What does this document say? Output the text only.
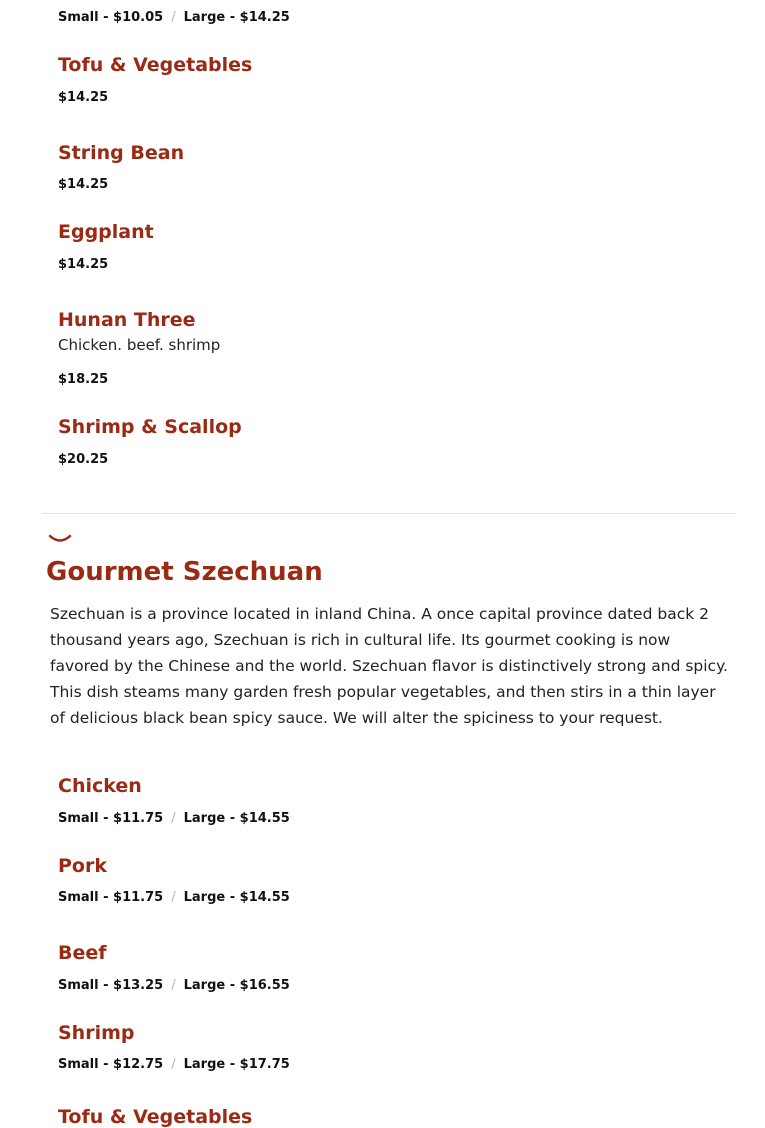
Small - $10.05 / Large - $14.25
Tofu & Vegetables
$14.25
String Bean
$14.25
Eggplant
$14.25
Hunan Three
Chicken. beef. shrimp
$18.25
Shrimp & Scallop
$20.25
Gourmet Szechuan

Szechuan is a province located in inland China. A once capital province dated back 2 thousand years ago, Szechuan is rich in cultural life. Its gourmet cooking is now favored by the Chinese and the world. Szechuan flavor is distinctively strong and spicy. This dish steams many garden fresh popular vegetables, and then stirs in a thin layer of delicious black bean spicy sauce. We will alter the spiciness to your request.

Chicken
Small - $11.75 / Large - $14.55
Pork
Small - $11.75 / Large - $14.55
Beef
Small - $13.25 / Large - $16.55
Shrimp
Small - $12.75 / Large - $17.75
Tofu & Vegetables
